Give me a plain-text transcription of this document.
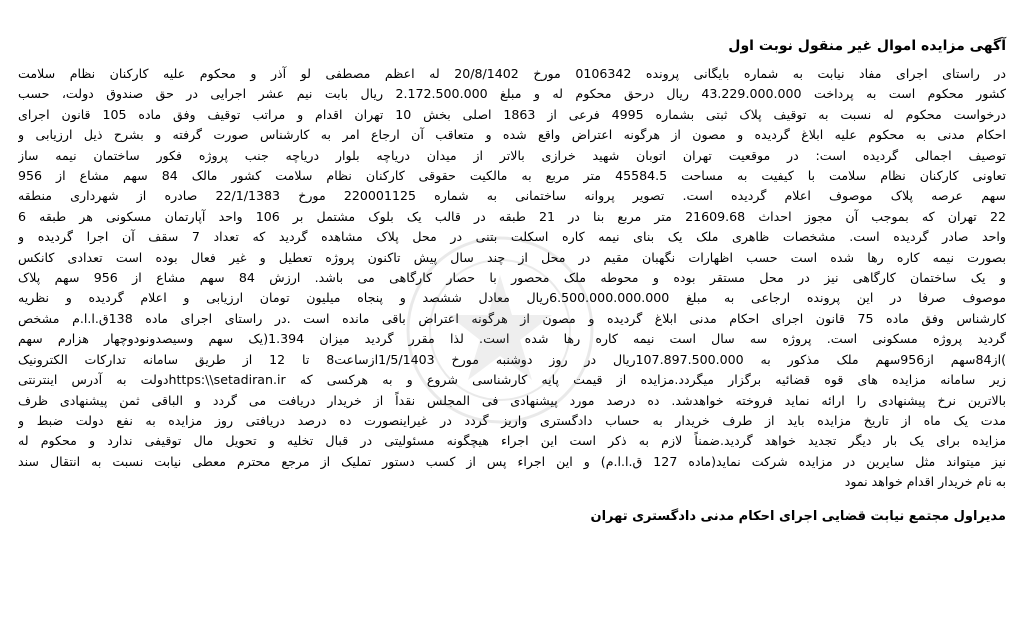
آگهی مزایده اموال غیر منقول نوبت اول
در راستای اجرای مفاد نیابت به شماره بایگانی پرونده 0106342 مورخ 20/8/1402 له اعظم مصطفی لو آذر و محکوم علیه کارکنان نظام سلامت
کشور محکوم است به پرداخت 43.229.000.000 ریال درحق محکوم له و مبلغ 2.172.500.000 ریال بابت نیم عشر اجرایی در حق صندوق دولت، حسب
درخواست محکوم له نسبت به توقیف پلاک ثبتی بشماره 4995 فرعی از 1863 اصلی بخش 10 تهران اقدام و مراتب توقیف وفق ماده 105 قانون اجرای
احکام مدنی به محکوم علیه ابلاغ گردیده و مصون از هرگونه اعتراض واقع شده و متعاقب آن ارجاع امر به کارشناس صورت گرفته و بشرح ذیل ارزیابی و
توصیف اجمالی گردیده است: در موقعیت تهران اتوبان شهید خرازی بالاتر از میدان دریاچه بلوار دریاچه جنب پروژه فکور ساختمان نیمه ساز
تعاونی کارکنان نظام سلامت با کیفیت به مساحت 45584.5 متر مربع به مالکیت حقوقی کارکنان نظام سلامت کشور مالک 84 سهم مشاع از 956
سهم عرصه پلاک موصوف اعلام گردیده است. تصویر پروانه ساختمانی به شماره 220001125 مورخ 22/1/1383 صادره از شهرداری منطقه
22 تهران که بموجب آن مجوز احداث 21609.68 متر مربع بنا در 21 طبقه در قالب یک بلوک مشتمل بر 106 واحد آپارتمان مسکونی هر طبقه 6
واحد صادر گردیده است. مشخصات ظاهری ملک یک بنای نیمه کاره اسکلت بتنی در محل پلاک مشاهده گردید که تعداد 7 سقف آن اجرا گردیده و
بصورت نیمه کاره رها شده است حسب اظهارات نگهبان مقیم در محل از چند سال پیش تاکنون پروژه تعطیل و غیر فعال بوده است تعدادی کانکس
و یک ساختمان کارگاهی نیز در محل مستقر بوده و محوطه ملک محصور با حصار کارگاهی می باشد. ارزش 84 سهم مشاع از 956 سهم پلاک
موصوف صرفا در این پرونده ارجاعی به مبلغ 6.500.000.000.000ریال معادل ششصد و پنجاه میلیون تومان ارزیابی و اعلام گردیده و نظریه
کارشناس وفق ماده 75 قانون اجرای احکام مدنی ابلاغ گردیده و مصون از هرگونه اعتراض باقی مانده است .در راستای اجرای ماده 138ق.ا.ا.م مشخص
گردید پروژه مسکونی است. پروژه سه سال است نیمه کاره رها شده است. لذا مقرر گردید میزان 1.394(یک سهم وسیصدونودوچهار هزارم سهم
)از84سهم از956سهم ملک مذکور به 107.897.500.000ریال در روز دوشنبه مورخ 1/5/1403ازساعت8 تا 12 از طریق سامانه تدارکات الکترونیک
زیر سامانه مزایده های قوه قضائیه برگزار میگردد.مزایده از قیمت پایه کارشناسی شروع و به هرکسی که https:\\setadiran.irدولت به آدرس اینترنتی
بالاترین نرخ پیشنهادی را ارائه نماید فروخته خواهدشد. ده درصد مورد پیشنهادی فی المجلس نقداً از خریدار دریافت می گردد و الباقی ثمن پیشنهادی ظرف
مدت یک ماه از تاریخ مزایده باید از طرف خریدار به حساب دادگستری واریز گردد در غیراینصورت ده درصد دریافتی روز مزایده به نفع دولت ضبط و
مزایده برای یک بار دیگر تجدید خواهد گردید.ضمناً لازم به ذکر است این اجراء هیچگونه مسئولیتی در قبال تخلیه و تحویل مال توقیفی ندارد و محکوم له
نیز میتواند مثل سایرین در مزایده شرکت نماید(ماده 127 ق.ا.ا.م) و این اجراء پس از کسب دستور تملیک از مرجع محترم معطی نیابت نسبت به انتقال سند
به نام خریدار اقدام خواهد نمود
مدیراول مجتمع نیابت قضایی اجرای احکام مدنی دادگستری تهران
